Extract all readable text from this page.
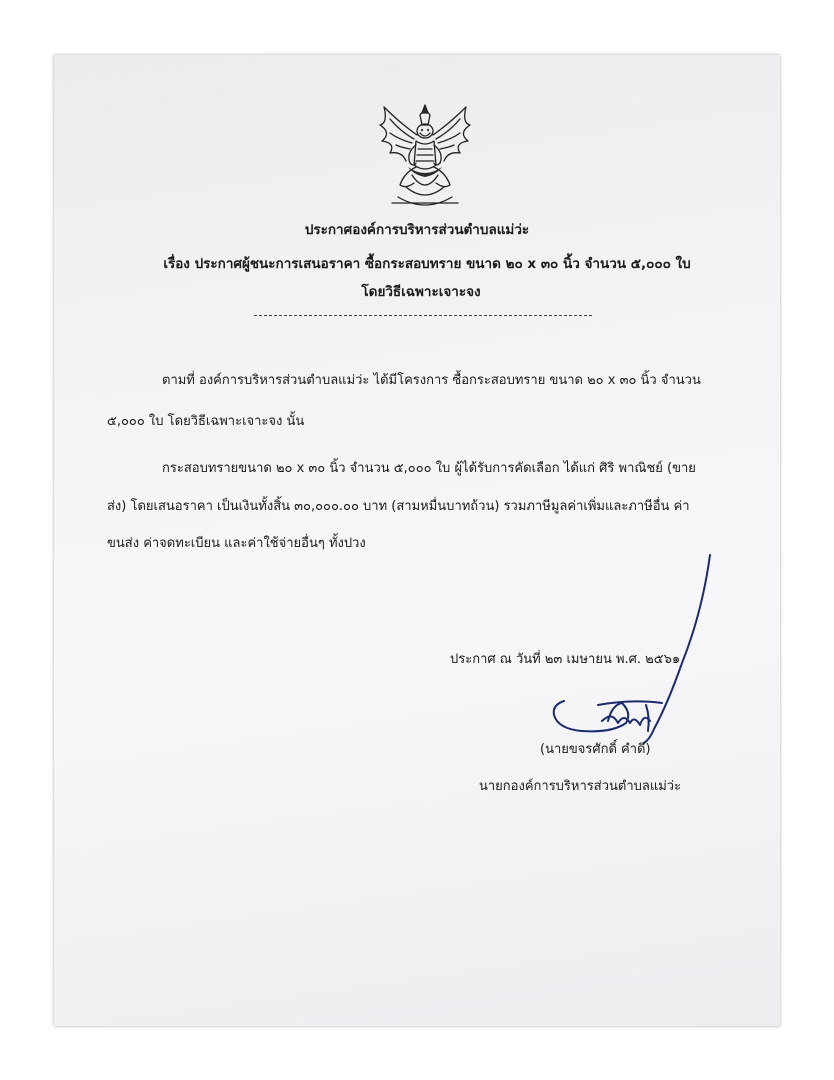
ประกาศองค์การบริหารส่วนตำบลแม่ว่ะ
เรื่อง ประกาศผู้ชนะการเสนอราคา ซื้อกระสอบทราย ขนาด ๒๐ x ๓๐ นิ้ว จำนวน ๕,๐๐๐ ใบ
โดยวิธีเฉพาะเจาะจง
ตามที่ องค์การบริหารส่วนตำบลแม่ว่ะ ได้มีโครงการ ซื้อกระสอบทราย ขนาด ๒๐ x ๓๐ นิ้ว จำนวน
๕,๐๐๐ ใบ โดยวิธีเฉพาะเจาะจง นั้น
กระสอบทรายขนาด ๒๐ x ๓๐ นิ้ว จำนวน ๕,๐๐๐ ใบ ผู้ได้รับการคัดเลือก ได้แก่ ศิริ พาณิชย์ (ขาย
ส่ง) โดยเสนอราคา เป็นเงินทั้งสิ้น ๓๐,๐๐๐.๐๐ บาท (สามหมื่นบาทถ้วน) รวมภาษีมูลค่าเพิ่มและภาษีอื่น ค่า
ขนส่ง ค่าจดทะเบียน และค่าใช้จ่ายอื่นๆ ทั้งปวง
ประกาศ ณ วันที่ ๒๓ เมษายน พ.ศ. ๒๕๖๑
(นายขจรศักดิ์ คำดี)
นายกองค์การบริหารส่วนตำบลแม่ว่ะ
